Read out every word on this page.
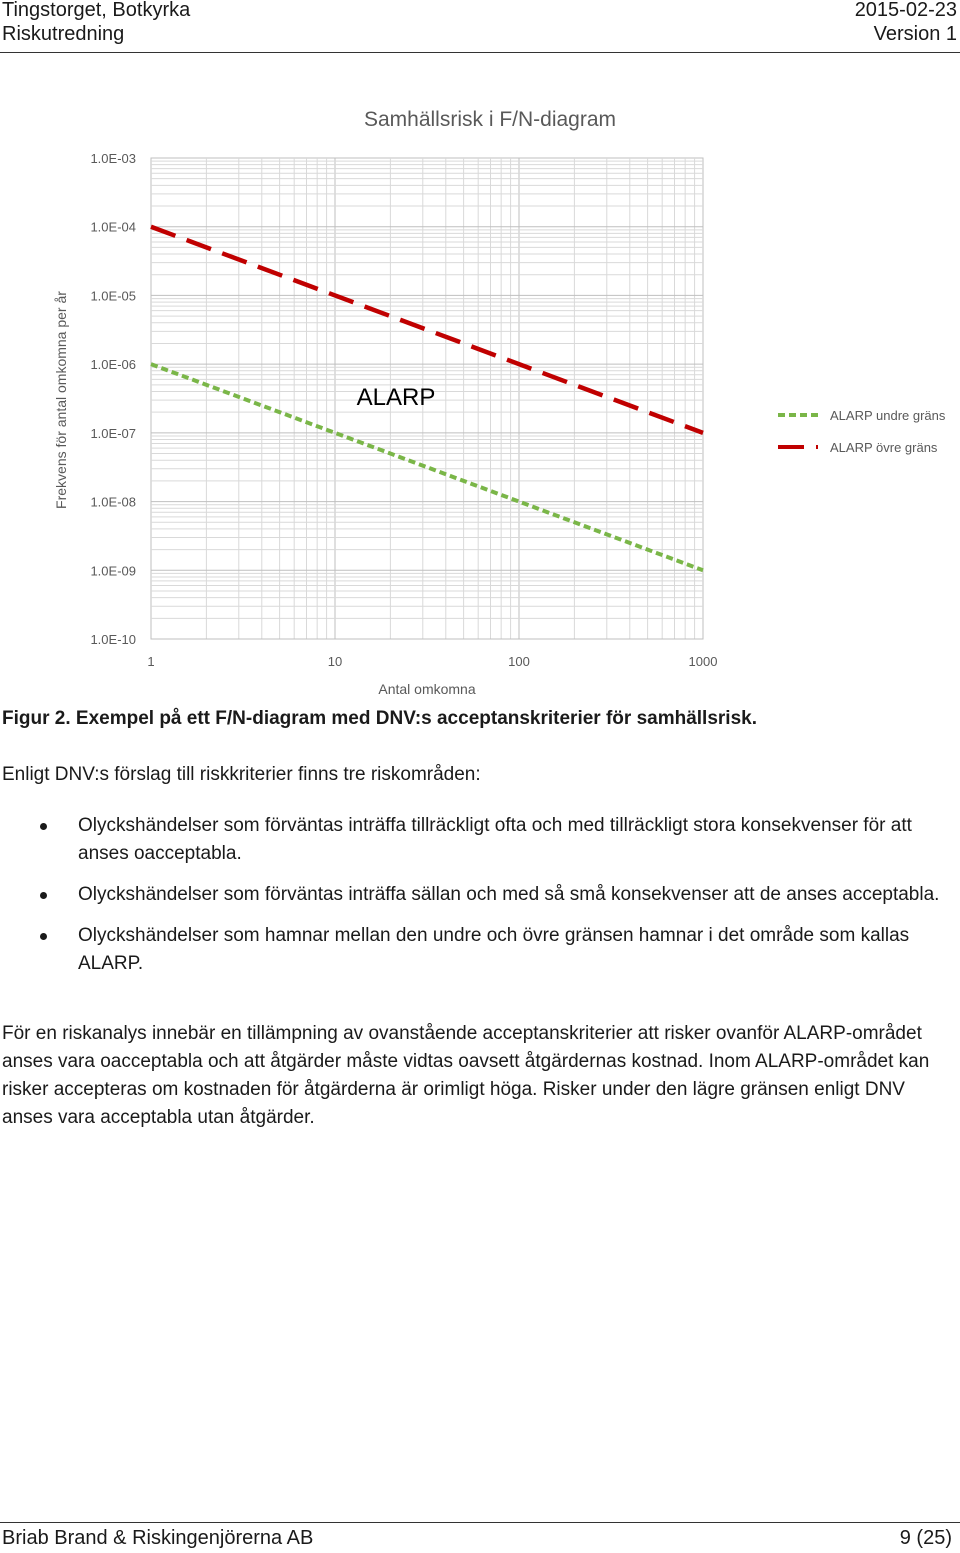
Tingstorget, Botkyrka
Riskutredning
2015-02-23
Version 1
1.0E-03
1.0E-04
1.0E-05
1.0E-06
1.0E-07
1.0E-08
1.0E-09
1.0E-10
1	10	100	1000
Samhällsrisk i F/N-diagram
Antal omkomna
Frekvens för antal omkomna per år	ALARP
ALARP undre gräns
ALARP övre gräns
Figur 2. Exempel på ett F/N-diagram med DNV:s acceptanskriterier för samhällsrisk.
Enligt DNV:s förslag till riskkriterier finns tre riskområden:
Olyckshändelser som förväntas inträffa tillräckligt ofta och med tillräckligt stora konsekvenser för att anses oacceptabla.
Olyckshändelser som förväntas inträffa sällan och med så små konsekvenser att de anses acceptabla.
Olyckshändelser som hamnar mellan den undre och övre gränsen hamnar i det område som kallas ALARP.
För en riskanalys innebär en tillämpning av ovanstående acceptanskriterier att risker ovanför ALARP-området anses vara oacceptabla och att åtgärder måste vidtas oavsett åtgärdernas kostnad. Inom ALARP-området kan risker accepteras om kostnaden för åtgärderna är orimligt höga. Risker under den lägre gränsen enligt DNV anses vara acceptabla utan åtgärder.
Briab Brand & Riskingenjörerna AB	9 (25)
